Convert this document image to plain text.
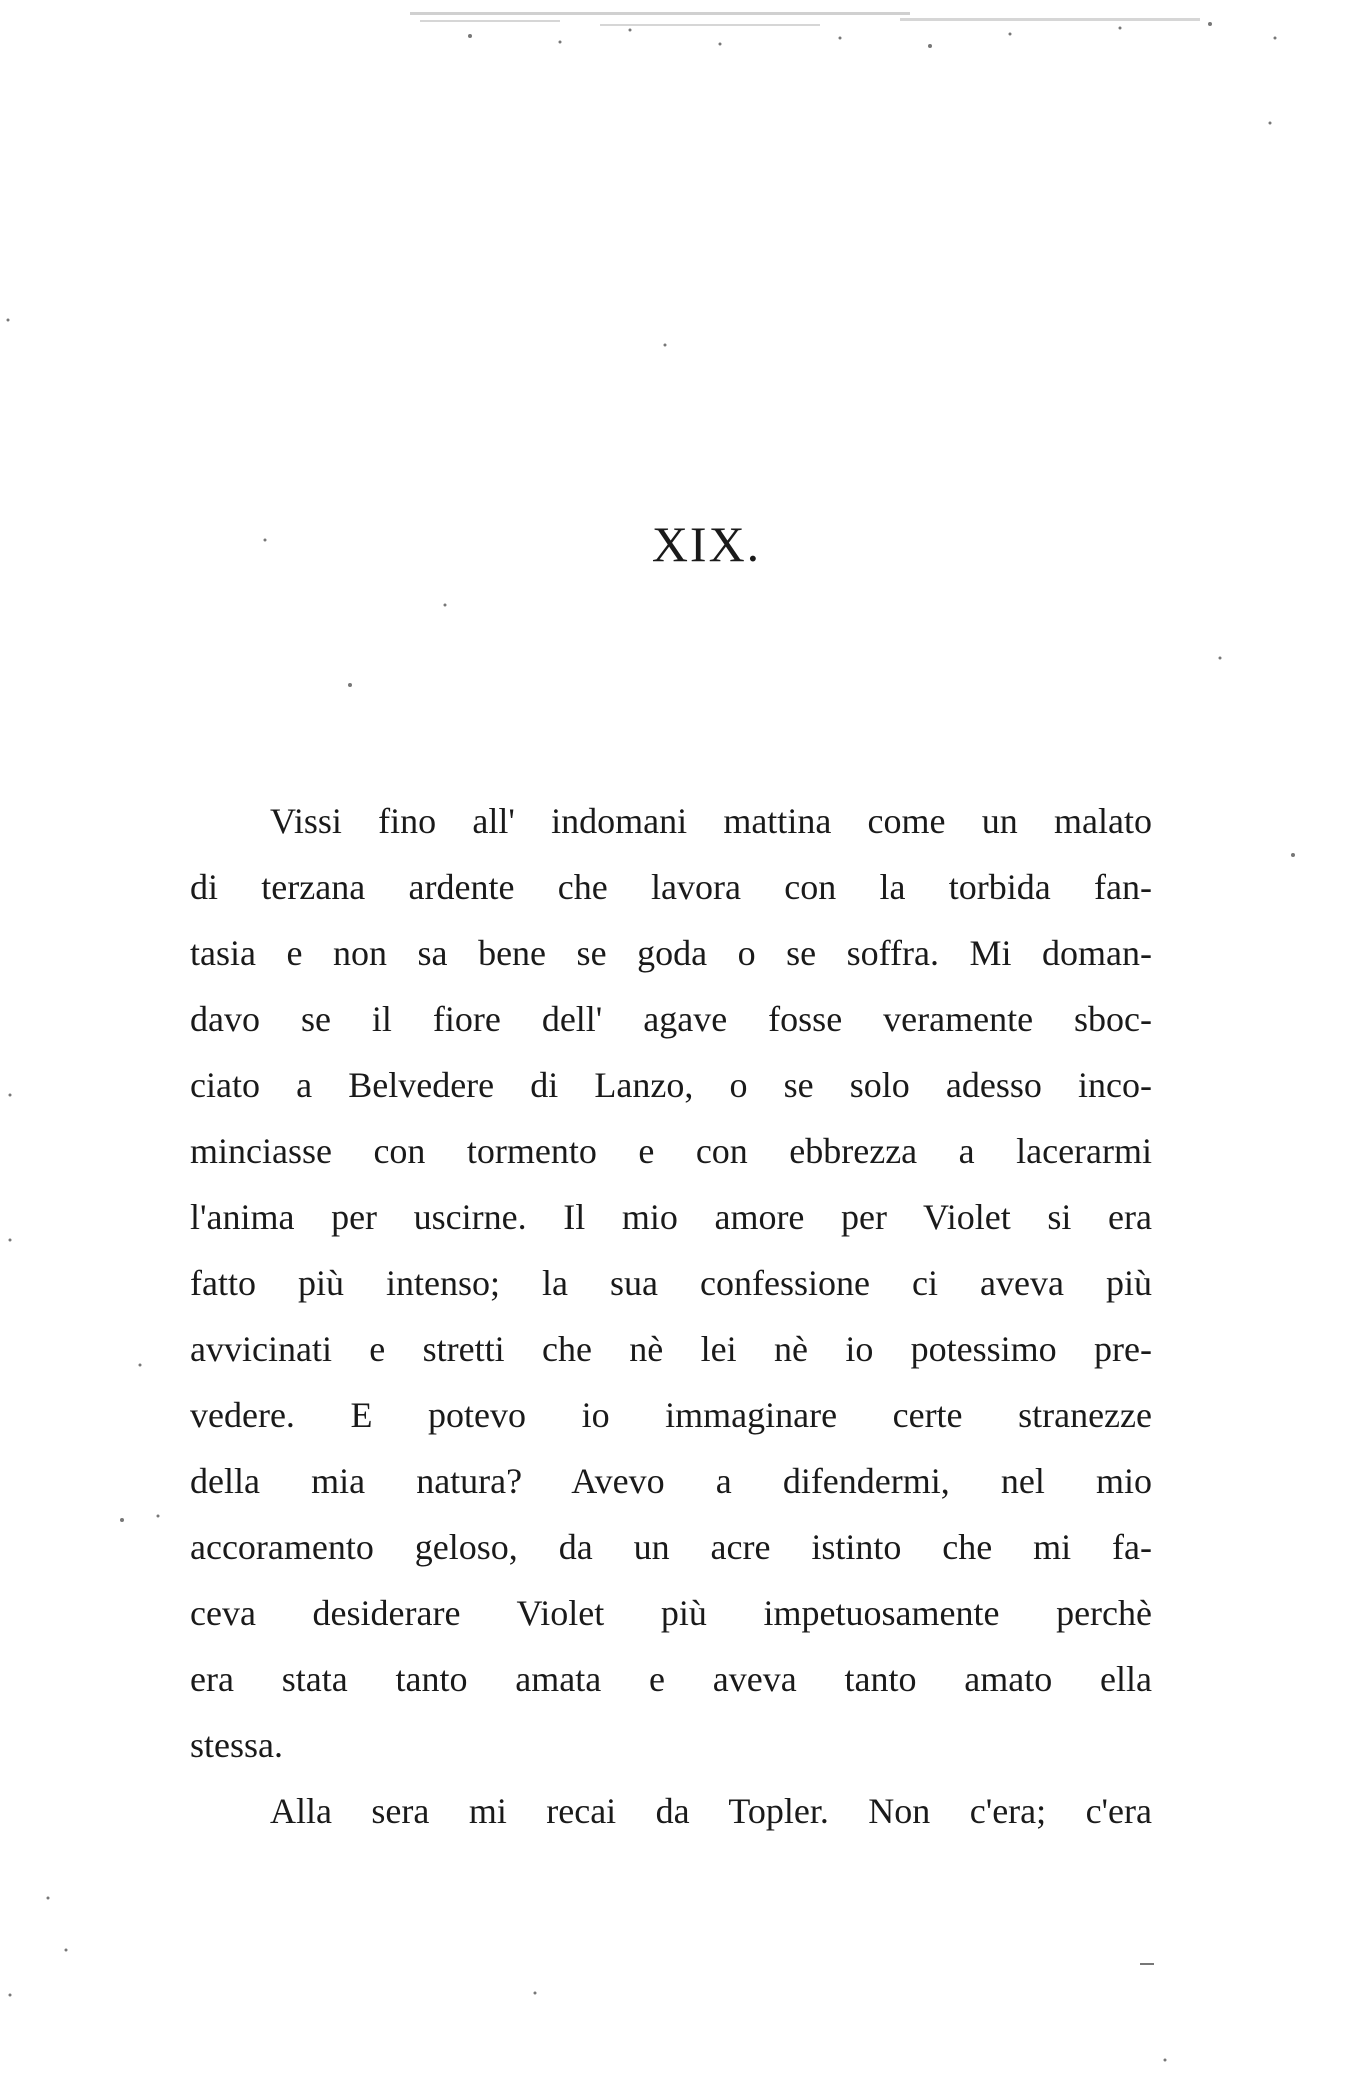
XIX.
Vissi fino all' indomani mattina come un malato
di terzana ardente che lavora con la torbida fan-
tasia e non sa bene se goda o se soffra. Mi doman-
davo se il fiore dell' agave fosse veramente sboc-
ciato a Belvedere di Lanzo, o se solo adesso inco-
minciasse con tormento e con ebbrezza a lacerarmi
l'anima per uscirne. Il mio amore per Violet si era
fatto più intenso; la sua confessione ci aveva più
avvicinati e stretti che nè lei nè io potessimo pre-
vedere. E potevo io immaginare certe stranezze
della mia natura? Avevo a difendermi, nel mio
accoramento geloso, da un acre istinto che mi fa-
ceva desiderare Violet più impetuosamente perchè
era stata tanto amata e aveva tanto amato ella
stessa.
Alla sera mi recai da Topler. Non c'era; c'era
